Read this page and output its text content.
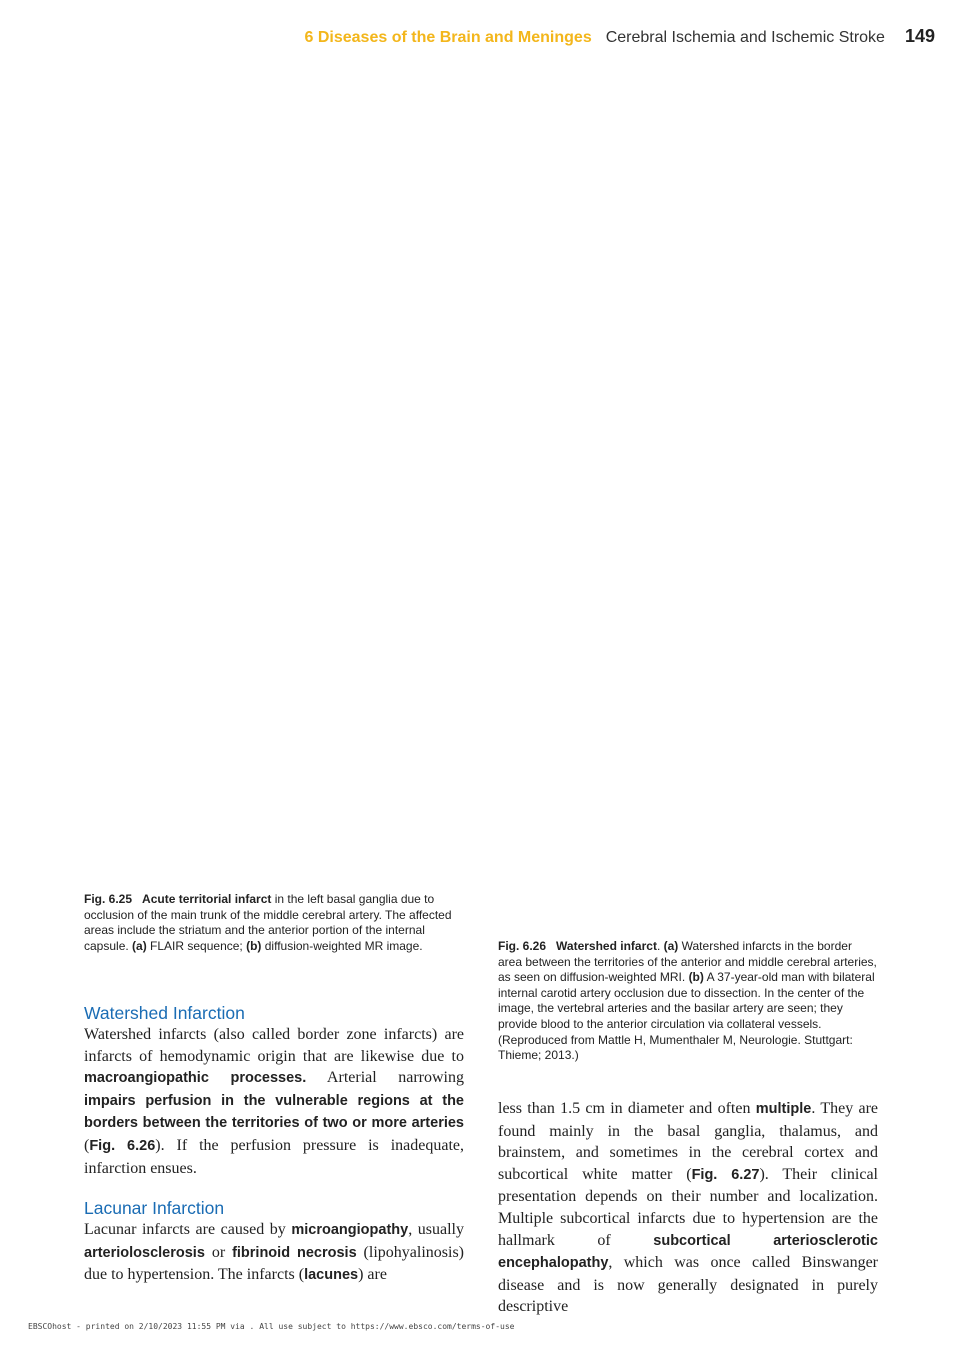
6 Diseases of the Brain and Meninges Cerebral Ischemia and Ischemic Stroke 149
Fig. 6.25 Acute territorial infarct in the left basal ganglia due to occlusion of the main trunk of the middle cerebral artery. The affected areas include the striatum and the anterior portion of the internal capsule. (a) FLAIR sequence; (b) diffusion-weighted MR image.	Fig. 6.26 Watershed infarct. (a) Watershed infarcts in the border area between the territories of the anterior and middle cerebral arteries, as seen on diffusion-weighted MRI. (b) A 37-year-old man with bilateral internal carotid artery occlusion due to dissection. In the center of the image, the vertebral arteries and the basilar artery are seen; they provide blood to the anterior circulation via collateral vessels. (Reproduced from Mattle H, Mumenthaler M, Neurologie. Stuttgart: Thieme; 2013.)
Watershed Infarction
Watershed infarcts (also called border zone infarcts) are infarcts of hemodynamic origin that are likewise due to macroangiopathic processes. Arterial narrowing impairs perfusion in the vulnerable regions at the borders between the territories of two or more arteries (Fig. 6.26). If the perfusion pressure is inadequate, infarction ensues.
Lacunar Infarction
Lacunar infarcts are caused by microangiopathy, usually arteriolosclerosis or fibrinoid necrosis (lipohyalinosis) due to hypertension. The infarcts (lacunes) are
less than 1.5 cm in diameter and often multiple. They are found mainly in the basal ganglia, thalamus, and brainstem, and sometimes in the cerebral cortex and subcortical white matter (Fig. 6.27). Their clinical presentation depends on their number and localization. Multiple subcortical infarcts due to hypertension are the hallmark of subcortical arteriosclerotic encephalopathy, which was once called Binswanger disease and is now generally designated in purely descriptive
EBSCOhost - printed on 2/10/2023 11:55 PM via . All use subject to https://www.ebsco.com/terms-of-use
